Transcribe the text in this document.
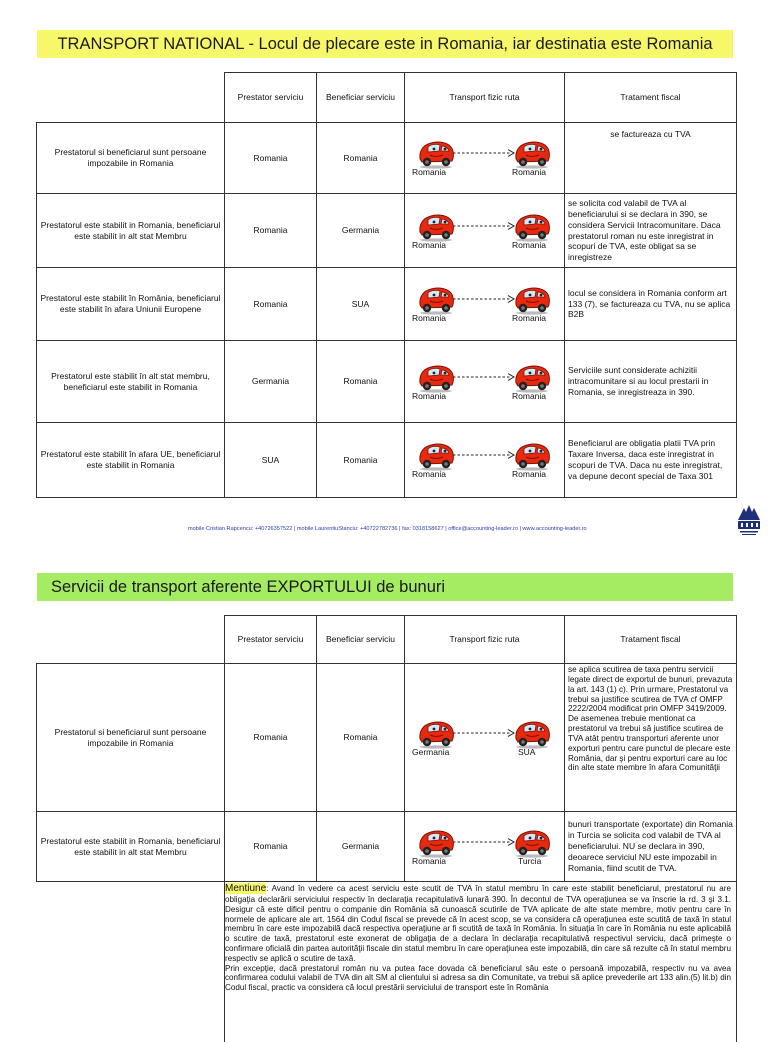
TRANSPORT NATIONAL - Locul de plecare este in Romania, iar destinatia este Romania
	Prestator serviciu	Beneficiar serviciu	Transport fizic ruta	Tratament fiscal
Prestatorul si beneficiarul sunt persoane impozabile in Romania	Romania	Romania	Romania Romania	se factureaza cu TVA
Prestatorul este stabilit in Romania, beneficiarul este stabilit in alt stat Membru	Romania	Germania	Romania Romania	se solicita cod valabil de TVA al beneficiarului si se declara in 390, se considera Servicii Intracomunitare. Daca prestatorul roman nu este inregistrat in scopuri de TVA, este obligat sa se inregistreze
Prestatorul este stabilit în România, beneficiarul este stabilit în afara Uniunii Europene	Romania	SUA	Romania Romania	locul se considera in Romania conform art 133 (7), se factureaza cu TVA, nu se aplica B2B
Prestatorul este stabilit în alt stat membru, beneficiarul este stabilit in Romania	Germania	Romania	Romania Romania	Serviciile sunt considerate achizitii intracomunitare si au locul prestarii in Romania, se inregistreaza in 390.
Prestatorul este stabilit în afara UE, beneficiarul este stabilit in Romania	SUA	Romania	Romania Romania	Beneficiarul are obligatia platii TVA prin Taxare Inversa, daca este inregistrat in scopuri de TVA. Daca nu este inregistrat, va depune decont special de Taxa 301
mobile Cristian Rapcencu: +40726357522 | mobile LaurentiuStanciu: +40722782736 | fax: 0318158627 | office@accounting-leader.ro | www.accounting-leader.ro
Servicii de transport aferente EXPORTULUI de bunuri
	Prestator serviciu	Beneficiar serviciu	Transport fizic ruta	Tratament fiscal
Prestatorul si beneficiarul sunt persoane impozabile in Romania	Romania	Romania	Germania SUA	se aplica scutirea de taxa pentru servicii legate direct de exportul de bunuri, prevazuta la art. 143 (1) c). Prin urmare, Prestatorul va trebui sa justifice scutirea de TVA cf OMFP 2222/2004 modificat prin OMFP 3419/2009. De asemenea trebuie mentionat ca prestatorul va trebui să justifice scutirea de TVA atât pentru transporturi aferente unor exporturi pentru care punctul de plecare este România, dar şi pentru exporturi care au loc din alte state membre în afara Comunităţii
Prestatorul este stabilit in Romania, beneficiarul este stabilit in alt stat Membru	Romania	Germania	Romania Turcia	bunuri transportate (exportate) din Romania in Turcia se solicita cod valabil de TVA al beneficiarului. NU se declara in 390, deoarece serviciul NU este impozabil in Romania, fiind scutit de TVA.

Mentiune: Avand în vedere ca acest serviciu este scutit de TVA în statul membru în care este stabilit beneficiarul, prestatorul nu are obligaţia declarării serviciului respectiv în declaraţia recapitulativă lunară 390. În decontul de TVA operaţiunea se va înscrie la rd. 3 şi 3.1. Desigur că este dificil pentru o companie din România să cunoască scutirile de TVA aplicate de alte state membre, motiv pentru care în normele de aplicare ale art. 1564 din Codul fiscal se prevede că în acest scop, se va considera că operaţiunea este scutită de taxă în statul membru în care este impozabilă dacă respectiva operaţiune ar fi scutită de taxă în România. În situaţia în care în România nu este aplicabilă o scutire de taxă, prestatorul este exonerat de obligaţia de a declara în declaraţia recapitulativă respectivul serviciu, dacă primeşte o confirmare oficială din partea autorităţii fiscale din statul membru în care operaţiunea este impozabilă, din care să rezulte că în statul membru respectiv se aplică o scutire de taxă.

Prin excepţie, dacă prestatorul român nu va putea face dovada că beneficiarul său este o persoană impozabilă, respectiv nu va avea confirmarea codului valabil de TVA din alt SM al clientului si adresa sa din Comunitate, va trebui să aplice prevederile art 133 alin.(5) lit.b) din Codul fiscal, practic va considera că locul prestării serviciului de transport este în România
